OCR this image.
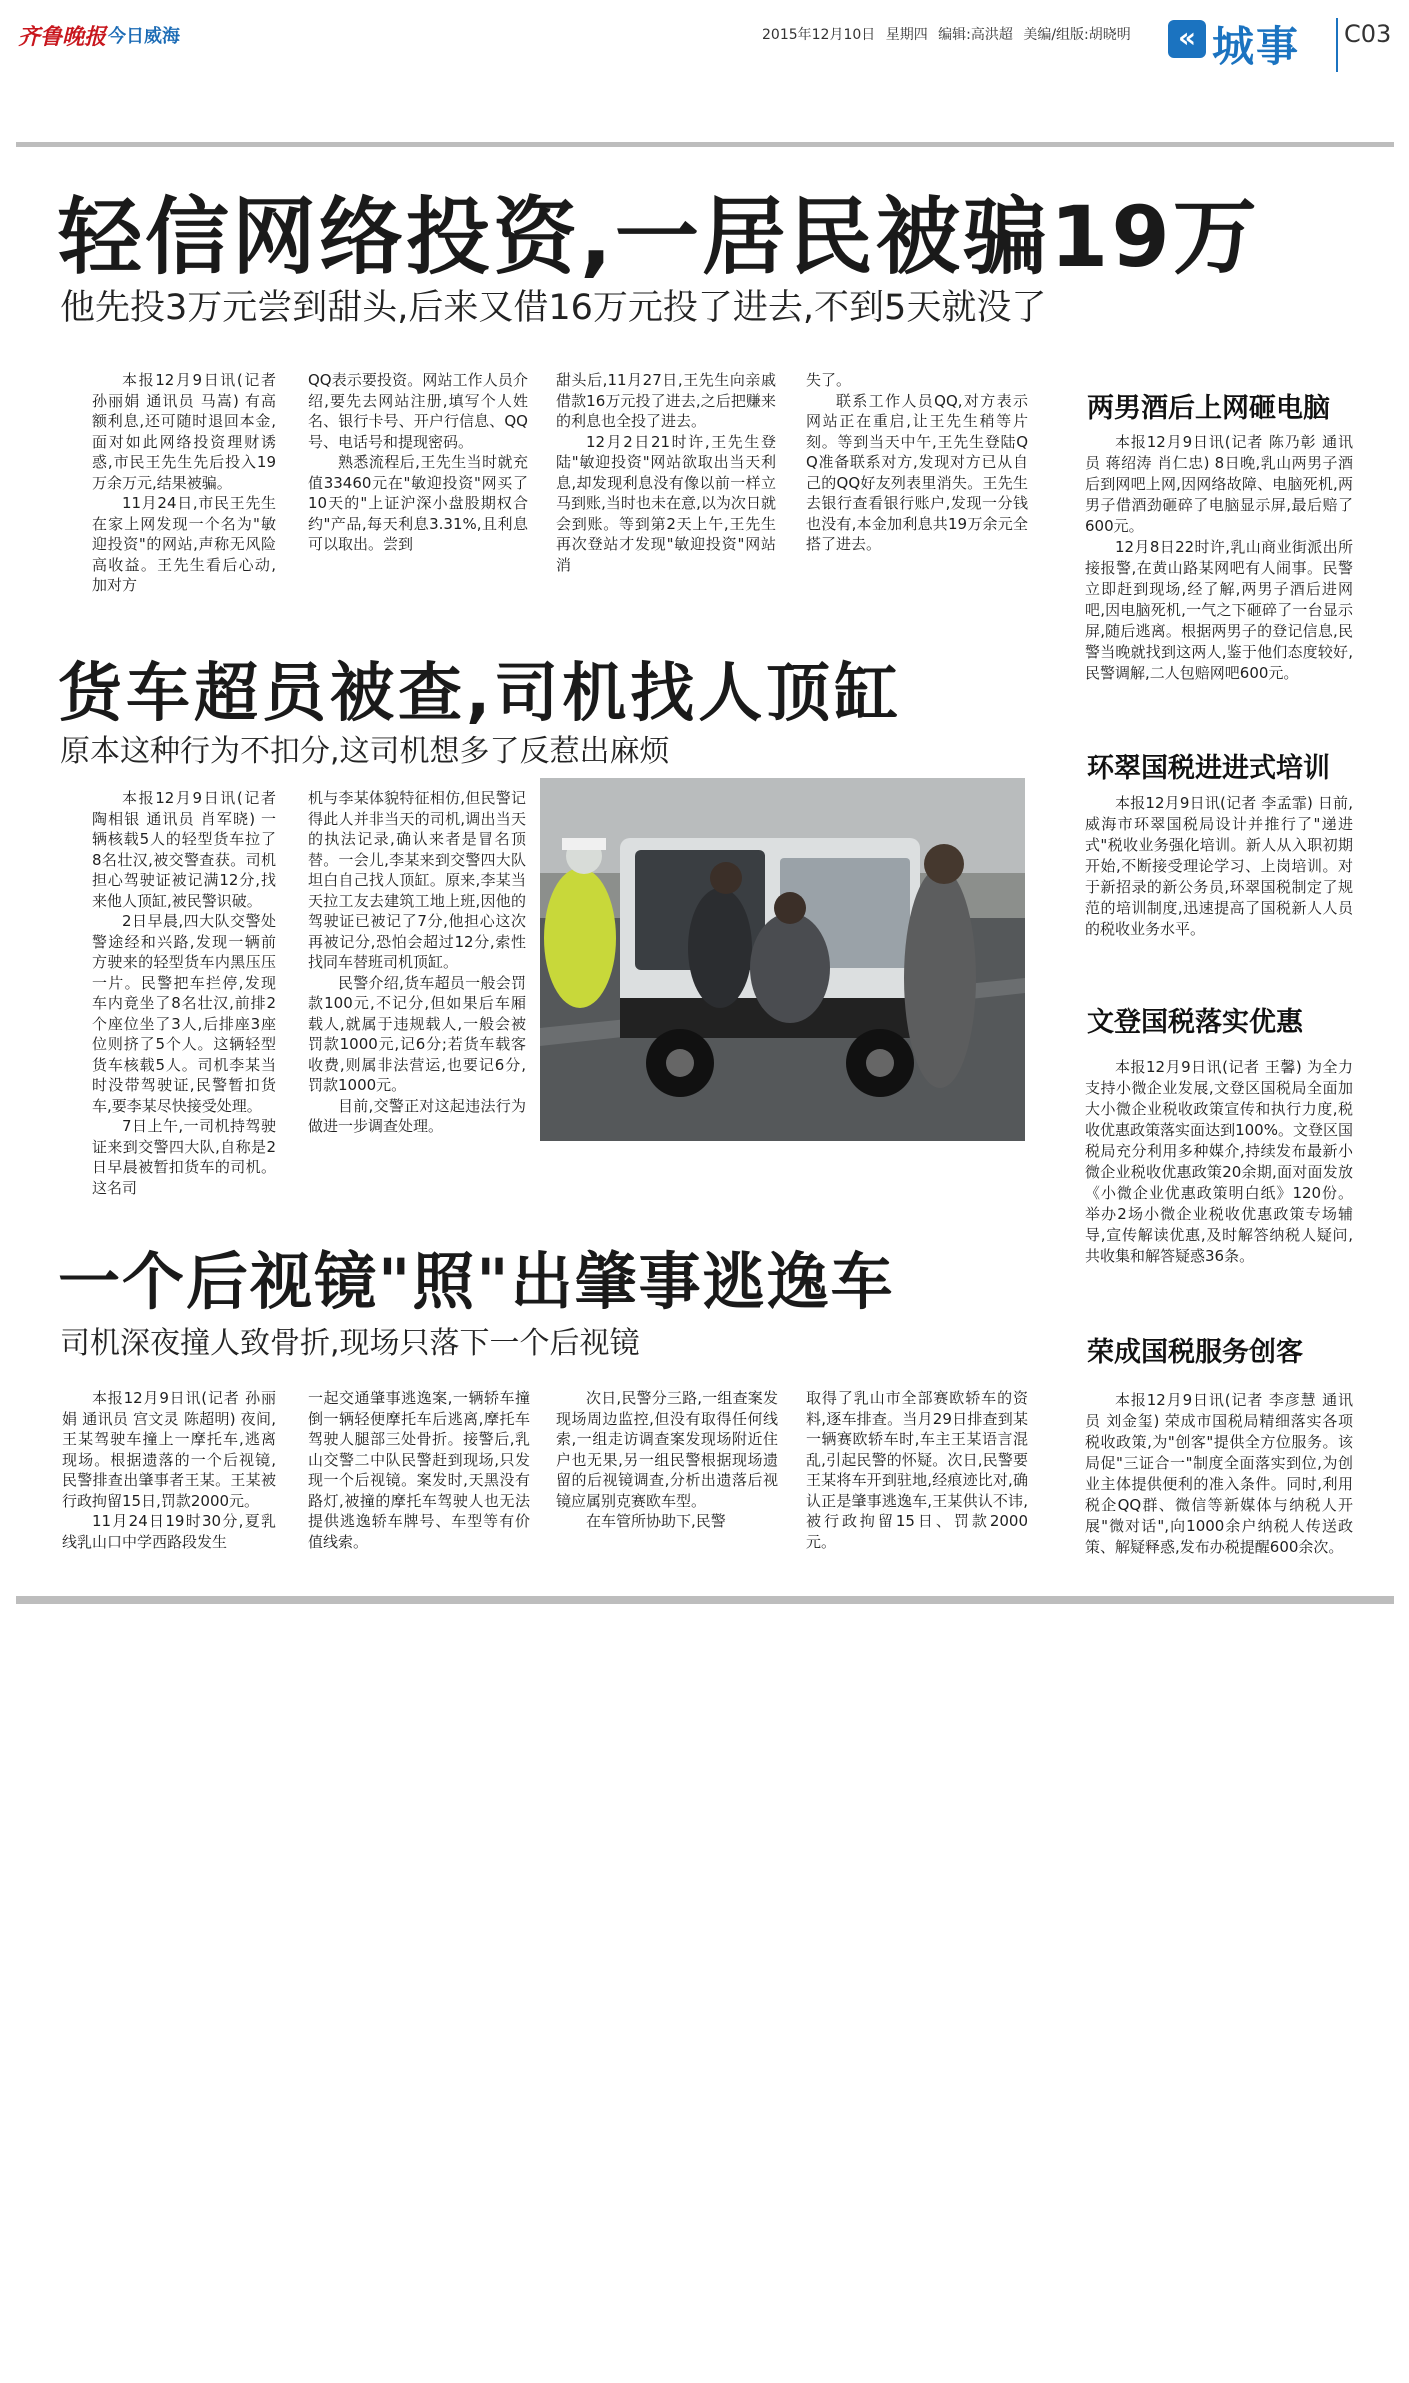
齐鲁晚报 今日威海	2015年12月10日 星期四 编辑:高洪超 美编/组版:胡晓明	« 城事 C03
轻信网络投资,一居民被骗19万
他先投3万元尝到甜头,后来又借16万元投了进去,不到5天就没了

本报12月9日讯(记者 孙丽娟 通讯员 马嵩) 有高额利息,还可随时退回本金,面对如此网络投资理财诱惑,市民王先生先后投入19万余万元,结果被骗。

11月24日,市民王先生在家上网发现一个名为"敏迎投资"的网站,声称无风险高收益。王先生看后心动,加对方

QQ表示要投资。网站工作人员介绍,要先去网站注册,填写个人姓名、银行卡号、开户行信息、QQ号、电话号和提现密码。

熟悉流程后,王先生当时就充值33460元在"敏迎投资"网买了10天的"上证沪深小盘股期权合约"产品,每天利息3.31%,且利息可以取出。尝到

甜头后,11月27日,王先生向亲戚借款16万元投了进去,之后把赚来的利息也全投了进去。

12月2日21时许,王先生登陆"敏迎投资"网站欲取出当天利息,却发现利息没有像以前一样立马到账,当时也未在意,以为次日就会到账。等到第2天上午,王先生再次登站才发现"敏迎投资"网站消

失了。

联系工作人员QQ,对方表示网站正在重启,让王先生稍等片刻。等到当天中午,王先生登陆QQ准备联系对方,发现对方已从自己的QQ好友列表里消失。王先生去银行查看银行账户,发现一分钱也没有,本金加利息共19万余元全搭了进去。

货车超员被查,司机找人顶缸
原本这种行为不扣分,这司机想多了反惹出麻烦

本报12月9日讯(记者 陶相银 通讯员 肖军晓) 一辆核载5人的轻型货车拉了8名壮汉,被交警查获。司机担心驾驶证被记满12分,找来他人顶缸,被民警识破。

2日早晨,四大队交警处警途经和兴路,发现一辆前方驶来的轻型货车内黑压压一片。民警把车拦停,发现车内竟坐了8名壮汉,前排2个座位坐了3人,后排座3座位则挤了5个人。这辆轻型货车核载5人。司机李某当时没带驾驶证,民警暂扣货车,要李某尽快接受处理。

7日上午,一司机持驾驶证来到交警四大队,自称是2日早晨被暂扣货车的司机。这名司

机与李某体貌特征相仿,但民警记得此人并非当天的司机,调出当天的执法记录,确认来者是冒名顶替。一会儿,李某来到交警四大队坦白自己找人顶缸。原来,李某当天拉工友去建筑工地上班,因他的驾驶证已被记了7分,他担心这次再被记分,恐怕会超过12分,索性找同车替班司机顶缸。

民警介绍,货车超员一般会罚款100元,不记分,但如果后车厢载人,就属于违规载人,一般会被罚款1000元,记6分;若货车载客收费,则属非法营运,也要记6分,罚款1000元。

目前,交警正对这起违法行为做进一步调查处理。

一个后视镜"照"出肇事逃逸车
司机深夜撞人致骨折,现场只落下一个后视镜

本报12月9日讯(记者 孙丽娟 通讯员 宫文灵 陈超明) 夜间,王某驾驶车撞上一摩托车,逃离现场。根据遗落的一个后视镜,民警排查出肇事者王某。王某被行政拘留15日,罚款2000元。

11月24日19时30分,夏乳线乳山口中学西路段发生

一起交通肇事逃逸案,一辆轿车撞倒一辆轻便摩托车后逃离,摩托车驾驶人腿部三处骨折。接警后,乳山交警二中队民警赶到现场,只发现一个后视镜。案发时,天黑没有路灯,被撞的摩托车驾驶人也无法提供逃逸轿车牌号、车型等有价值线索。

次日,民警分三路,一组查案发现场周边监控,但没有取得任何线索,一组走访调查案发现场附近住户也无果,另一组民警根据现场遗留的后视镜调查,分析出遗落后视镜应属别克赛欧车型。

在车管所协助下,民警

取得了乳山市全部赛欧轿车的资料,逐车排查。当月29日排查到某一辆赛欧轿车时,车主王某语言混乱,引起民警的怀疑。次日,民警要王某将车开到驻地,经痕迹比对,确认正是肇事逃逸车,王某供认不讳,被行政拘留15日、罚款2000元。

两男酒后上网砸电脑

本报12月9日讯(记者 陈乃彰 通讯员 蒋绍涛 肖仁忠) 8日晚,乳山两男子酒后到网吧上网,因网络故障、电脑死机,两男子借酒劲砸碎了电脑显示屏,最后赔了600元。

12月8日22时许,乳山商业街派出所接报警,在黄山路某网吧有人闹事。民警立即赶到现场,经了解,两男子酒后进网吧,因电脑死机,一气之下砸碎了一台显示屏,随后逃离。根据两男子的登记信息,民警当晚就找到这两人,鉴于他们态度较好,民警调解,二人包赔网吧600元。

环翠国税进进式培训

本报12月9日讯(记者 李孟霏) 日前,威海市环翠国税局设计并推行了"递进式"税收业务强化培训。新人从入职初期开始,不断接受理论学习、上岗培训。对于新招录的新公务员,环翠国税制定了规范的培训制度,迅速提高了国税新人人员的税收业务水平。

文登国税落实优惠

本报12月9日讯(记者 王馨) 为全力支持小微企业发展,文登区国税局全面加大小微企业税收政策宣传和执行力度,税收优惠政策落实面达到100%。文登区国税局充分利用多种媒介,持续发布最新小微企业税收优惠政策20余期,面对面发放《小微企业优惠政策明白纸》120份。举办2场小微企业税收优惠政策专场辅导,宣传解读优惠,及时解答纳税人疑问,共收集和解答疑惑36条。

荣成国税服务创客

本报12月9日讯(记者 李彦慧 通讯员 刘金玺) 荣成市国税局精细落实各项税收政策,为"创客"提供全方位服务。该局促"三证合一"制度全面落实到位,为创业主体提供便利的准入条件。同时,利用税企QQ群、微信等新媒体与纳税人开展"微对话",向1000余户纳税人传送政策、解疑释惑,发布办税提醒600余次。
